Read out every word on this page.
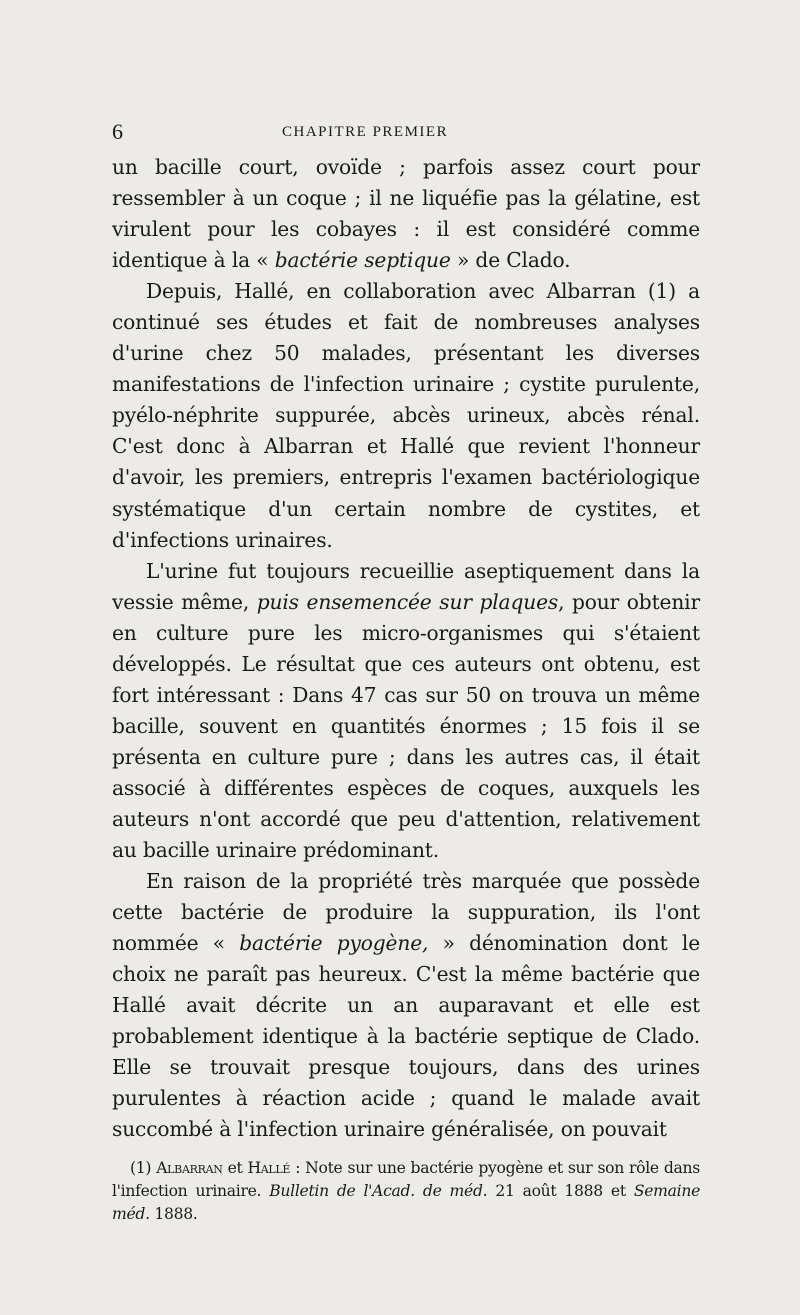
6	CHAPITRE PREMIER

un bacille court, ovoïde ; parfois assez court pour ressembler à un coque ; il ne liquéfie pas la gélatine, est virulent pour les cobayes : il est considéré comme identique à la « bactérie septique » de Clado.

Depuis, Hallé, en collaboration avec Albarran (1) a continué ses études et fait de nombreuses analyses d'urine chez 50 malades, présentant les diverses manifestations de l'infection urinaire ; cystite purulente, pyélo-néphrite suppurée, abcès urineux, abcès rénal. C'est donc à Albarran et Hallé que revient l'honneur d'avoir, les premiers, entrepris l'examen bactériologique systématique d'un certain nombre de cystites, et d'infections urinaires.

L'urine fut toujours recueillie aseptiquement dans la vessie même, puis ensemencée sur plaques, pour obtenir en culture pure les micro-organismes qui s'étaient développés. Le résultat que ces auteurs ont obtenu, est fort intéressant : Dans 47 cas sur 50 on trouva un même bacille, souvent en quantités énormes ; 15 fois il se présenta en culture pure ; dans les autres cas, il était associé à différentes espèces de coques, auxquels les auteurs n'ont accordé que peu d'attention, relativement au bacille urinaire prédominant.

En raison de la propriété très marquée que possède cette bactérie de produire la suppuration, ils l'ont nommée « bactérie pyogène, » dénomination dont le choix ne paraît pas heureux. C'est la même bactérie que Hallé avait décrite un an auparavant et elle est probablement identique à la bactérie septique de Clado. Elle se trouvait presque toujours, dans des urines purulentes à réaction acide ; quand le malade avait succombé à l'infection urinaire généralisée, on pouvait

(1) Albarran et Hallé : Note sur une bactérie pyogène et sur son rôle dans l'infection urinaire. Bulletin de l'Acad. de méd. 21 août 1888 et Semaine méd. 1888.
